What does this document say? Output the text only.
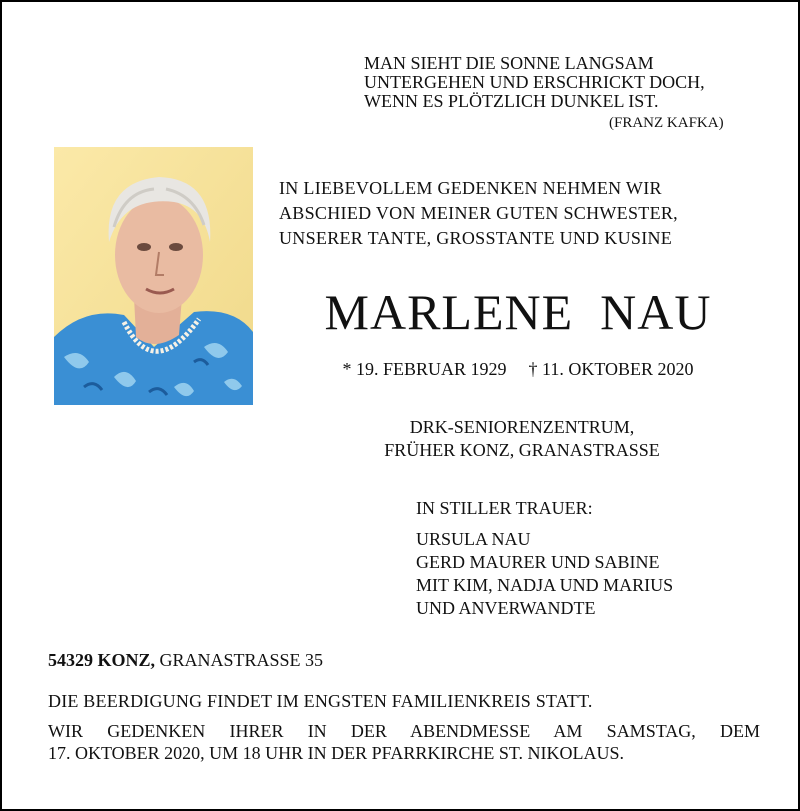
MAN SIEHT DIE SONNE LANGSAM
UNTERGEHEN UND ERSCHRICKT DOCH,
WENN ES PLÖTZLICH DUNKEL IST.
(FRANZ KAFKA)
IN LIEBEVOLLEM GEDENKEN NEHMEN WIR
ABSCHIED VON MEINER GUTEN SCHWESTER,
UNSERER TANTE, GROSSTANTE UND KUSINE
MARLENE  NAU
* 19. FEBRUAR 1929 † 11. OKTOBER 2020
DRK-SENIORENZENTRUM,
FRÜHER KONZ, GRANASTRASSE
IN STILLER TRAUER:
URSULA NAU
GERD MAURER UND SABINE
MIT KIM, NADJA UND MARIUS
UND ANVERWANDTE
54329 KONZ, GRANASTRASSE 35
DIE BEERDIGUNG FINDET IM ENGSTEN FAMILIENKREIS STATT.
WIR GEDENKEN IHRER IN DER ABENDMESSE AM SAMSTAG, DEM
17. OKTOBER 2020, UM 18 UHR IN DER PFARRKIRCHE ST. NIKOLAUS.
